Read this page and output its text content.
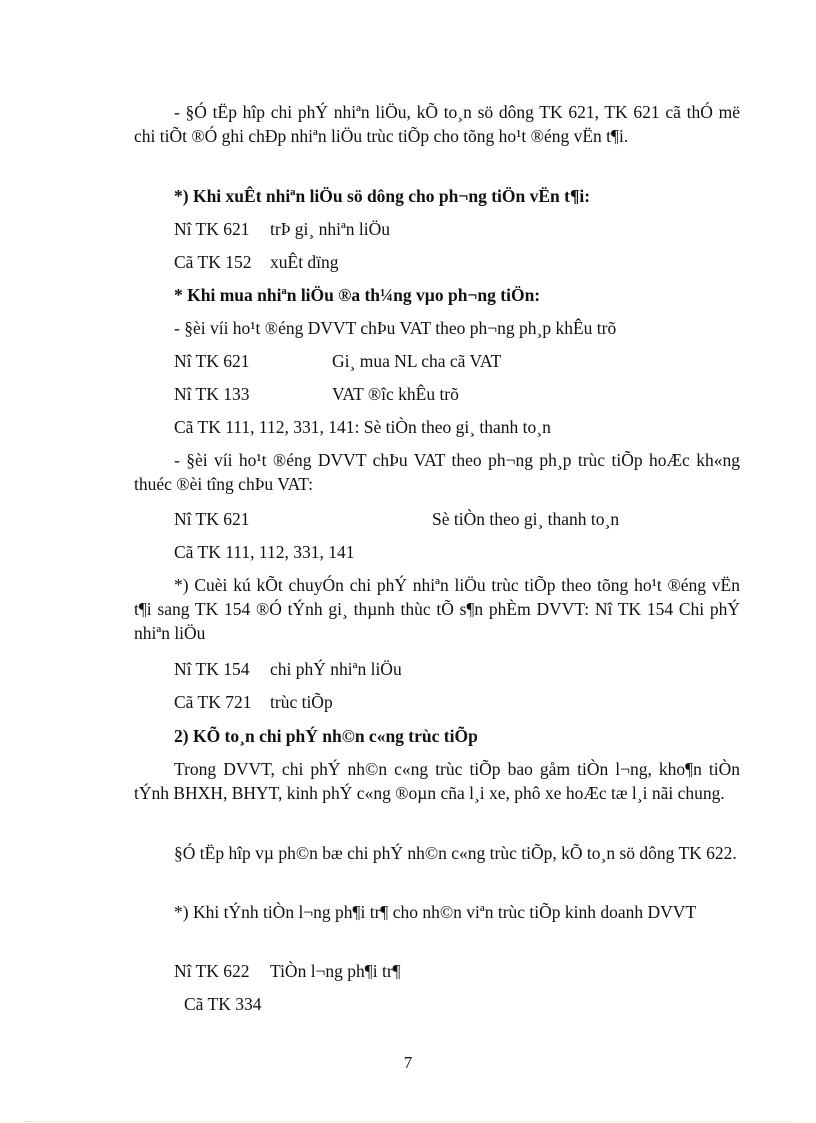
- §Ó tËp hîp chi phÝ nhiªn liÖu, kÕ to¸n sö dông TK 621, TK 621 cã thÓ më chi tiÕt ®Ó ghi chÐp nhiªn liÖu trùc tiÕp cho tõng ho¹t ®éng vËn t¶i.

*) Khi xuÊt nhiªn liÖu sö dông cho ph¬ng tiÖn vËn t¶i:
Nî TK 621 trÞ gi¸ nhiªn liÖu
Cã TK 152 xuÊt dïng
* Khi mua nhiªn liÖu ®a th¼ng vµo ph¬ng tiÖn:
- §èi víi ho¹t ®éng DVVT chÞu VAT theo ph¬ng ph¸p khÊu trõ
Nî TK 621	Gi¸ mua NL cha cã VAT
Nî TK 133	VAT ®îc khÊu trõ
Cã TK 111, 112, 331, 141: Sè tiÒn theo gi¸ thanh to¸n

- §èi víi ho¹t ®éng DVVT chÞu VAT theo ph¬ng ph¸p trùc tiÕp hoÆc kh«ng thuéc ®èi tîng chÞu VAT:

Nî TK 621	Sè tiÒn theo gi¸ thanh to¸n
Cã TK 111, 112, 331, 141

*) Cuèi kú kÕt chuyÓn chi phÝ nhiªn liÖu trùc tiÕp theo tõng ho¹t ®éng vËn t¶i sang TK 154 ®Ó tÝnh gi¸ thµnh thùc tÕ s¶n phÈm DVVT: Nî TK 154 Chi phÝ nhiªn liÖu

Nî TK 154 chi phÝ nhiªn liÖu
Cã TK 721 trùc tiÕp
2) KÕ to¸n chi phÝ nh©n c«ng trùc tiÕp

Trong DVVT, chi phÝ nh©n c«ng trùc tiÕp bao gåm tiÒn l¬ng, kho¶n tiÒn tÝnh BHXH, BHYT, kinh phÝ c«ng ®oµn cña l¸i xe, phô xe hoÆc tæ l¸i nãi chung.

§Ó tËp hîp vµ ph©n bæ chi phÝ nh©n c«ng trùc tiÕp, kÕ to¸n sö dông TK 622.

*) Khi tÝnh tiÒn l¬ng ph¶i tr¶ cho nh©n viªn trùc tiÕp kinh doanh DVVT

Nî TK 622 TiÒn l¬ng ph¶i tr¶
Cã TK 334
7
